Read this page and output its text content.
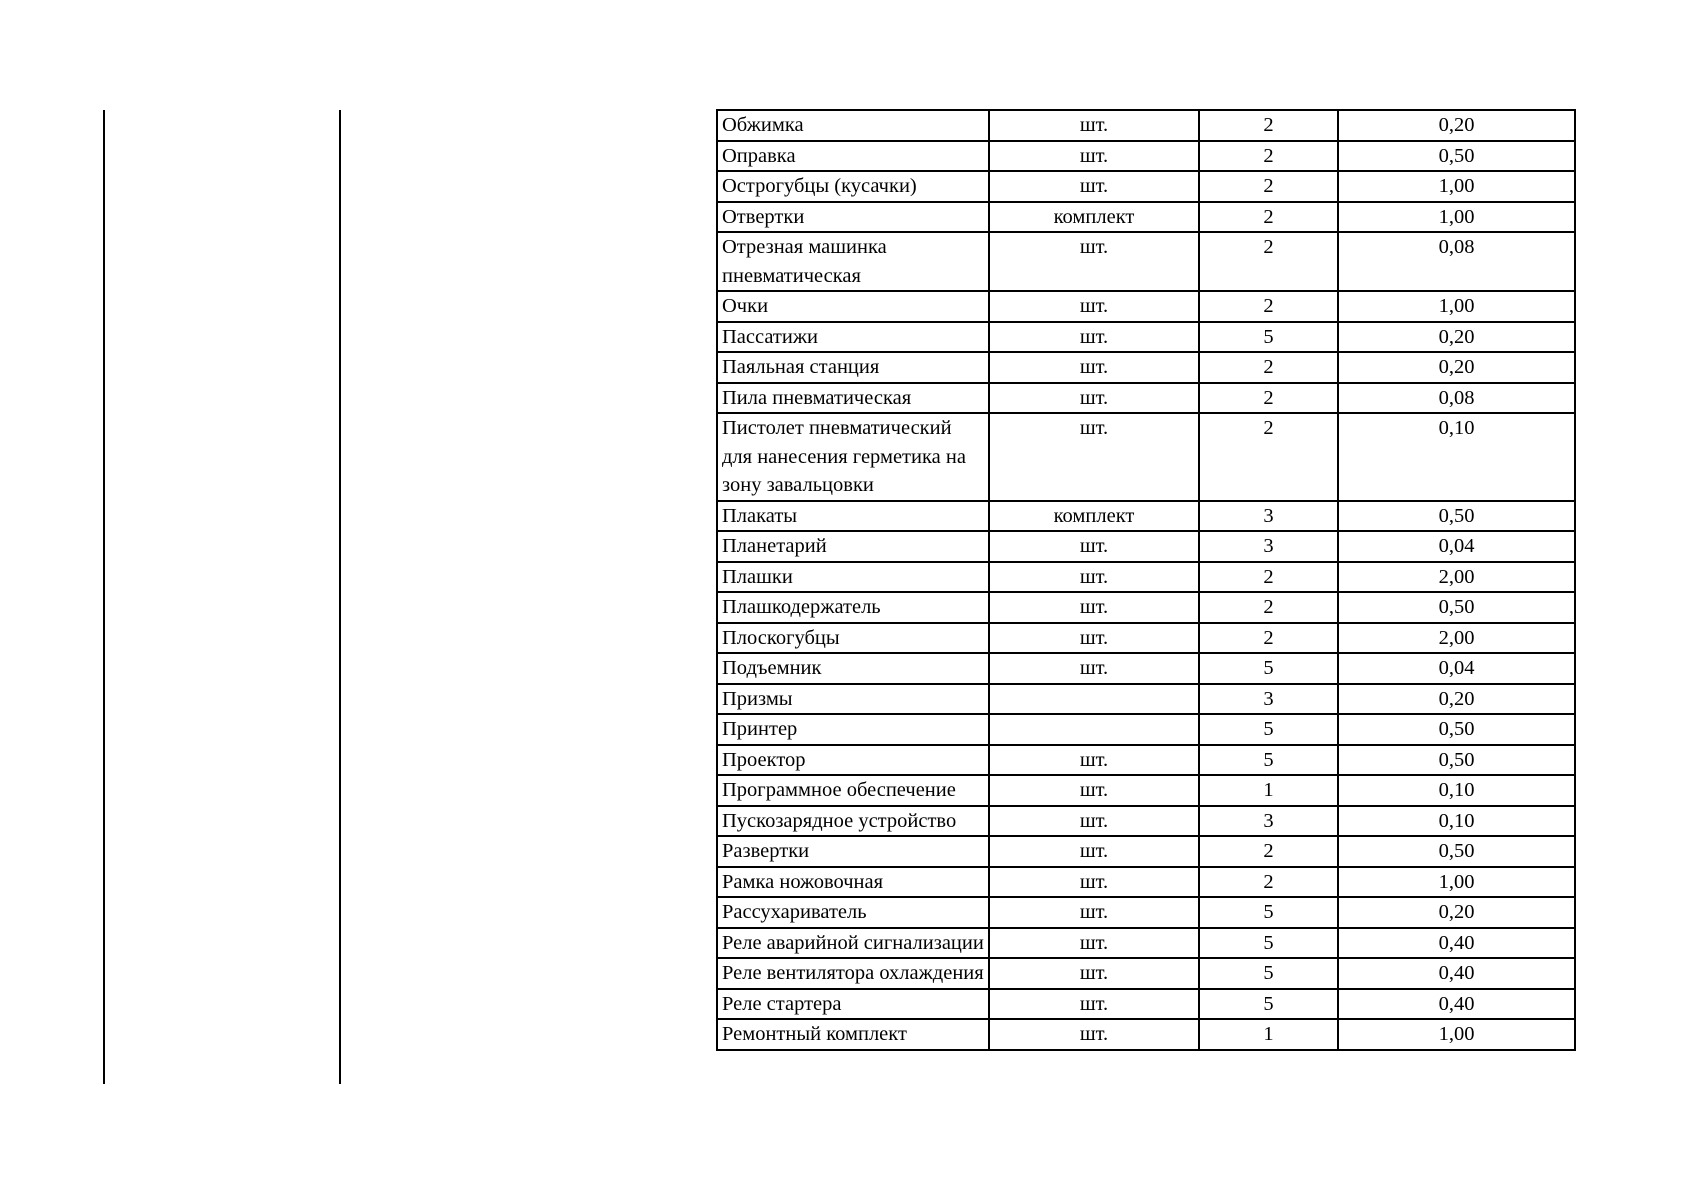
Обжимка	шт.	2	0,20
Оправка	шт.	2	0,50
Острогубцы (кусачки)	шт.	2	1,00
Отвертки	комплект	2	1,00
Отрезная машинка пневматическая	шт.	2	0,08
Очки	шт.	2	1,00
Пассатижи	шт.	5	0,20
Паяльная станция	шт.	2	0,20
Пила пневматическая	шт.	2	0,08
Пистолет пневматический для нанесения герметика на зону завальцовки	шт.	2	0,10
Плакаты	комплект	3	0,50
Планетарий	шт.	3	0,04
Плашки	шт.	2	2,00
Плашкодержатель	шт.	2	0,50
Плоскогубцы	шт.	2	2,00
Подъемник	шт.	5	0,04
Призмы		3	0,20
Принтер		5	0,50
Проектор	шт.	5	0,50
Программное обеспечение	шт.	1	0,10
Пускозарядное устройство	шт.	3	0,10
Развертки	шт.	2	0,50
Рамка ножовочная	шт.	2	1,00
Рассухариватель	шт.	5	0,20
Реле аварийной сигнализации	шт.	5	0,40
Реле вентилятора охлаждения	шт.	5	0,40
Реле стартера	шт.	5	0,40
Ремонтный комплект	шт.	1	1,00
